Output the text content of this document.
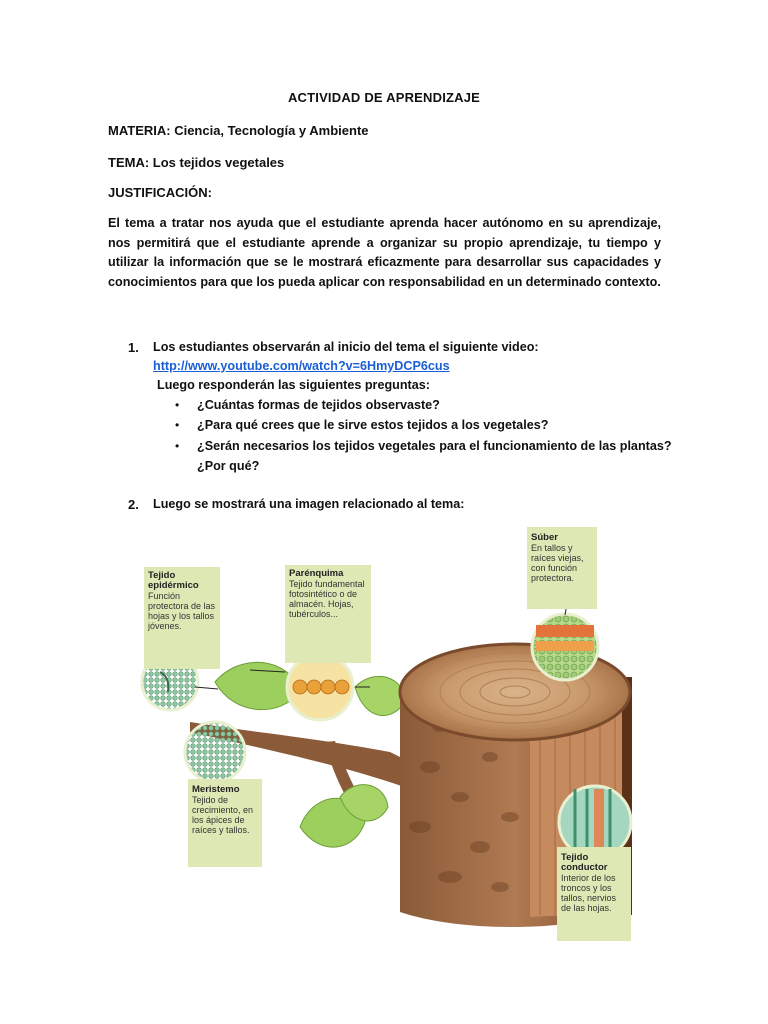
ACTIVIDAD DE APRENDIZAJE
MATERIA: Ciencia, Tecnología y Ambiente
TEMA: Los tejidos vegetales
JUSTIFICACIÓN:
El tema a tratar nos ayuda que el estudiante aprenda hacer autónomo en su aprendizaje, nos permitirá que el estudiante aprende a organizar su propio aprendizaje, tu tiempo y utilizar la información que se le mostrará eficazmente para desarrollar sus capacidades y conocimientos para que los pueda aplicar con responsabilidad en un determinado contexto.
1. Los estudiantes observarán al inicio del tema el siguiente video:
http://www.youtube.com/watch?v=6HmyDCP6cus
Luego responderán las siguientes preguntas:
• ¿Cuántas formas de tejidos observaste?
• ¿Para qué crees que le sirve estos tejidos a los vegetales?
• ¿Serán necesarios los tejidos vegetales para el funcionamiento de las plantas?
¿Por qué?
2. Luego se mostrará una imagen relacionado al tema:
Tejido epidérmico
Función protectora de las hojas y los tallos jóvenes.
Parénquima
Tejido fundamental fotosintético o de almacén. Hojas, tubérculos...
Súber
En tallos y raíces viejas, con función protectora.
Meristemo
Tejido de crecimiento, en los ápices de raíces y tallos.
Tejido conductor
Interior de los troncos y los tallos, nervios de las hojas.
